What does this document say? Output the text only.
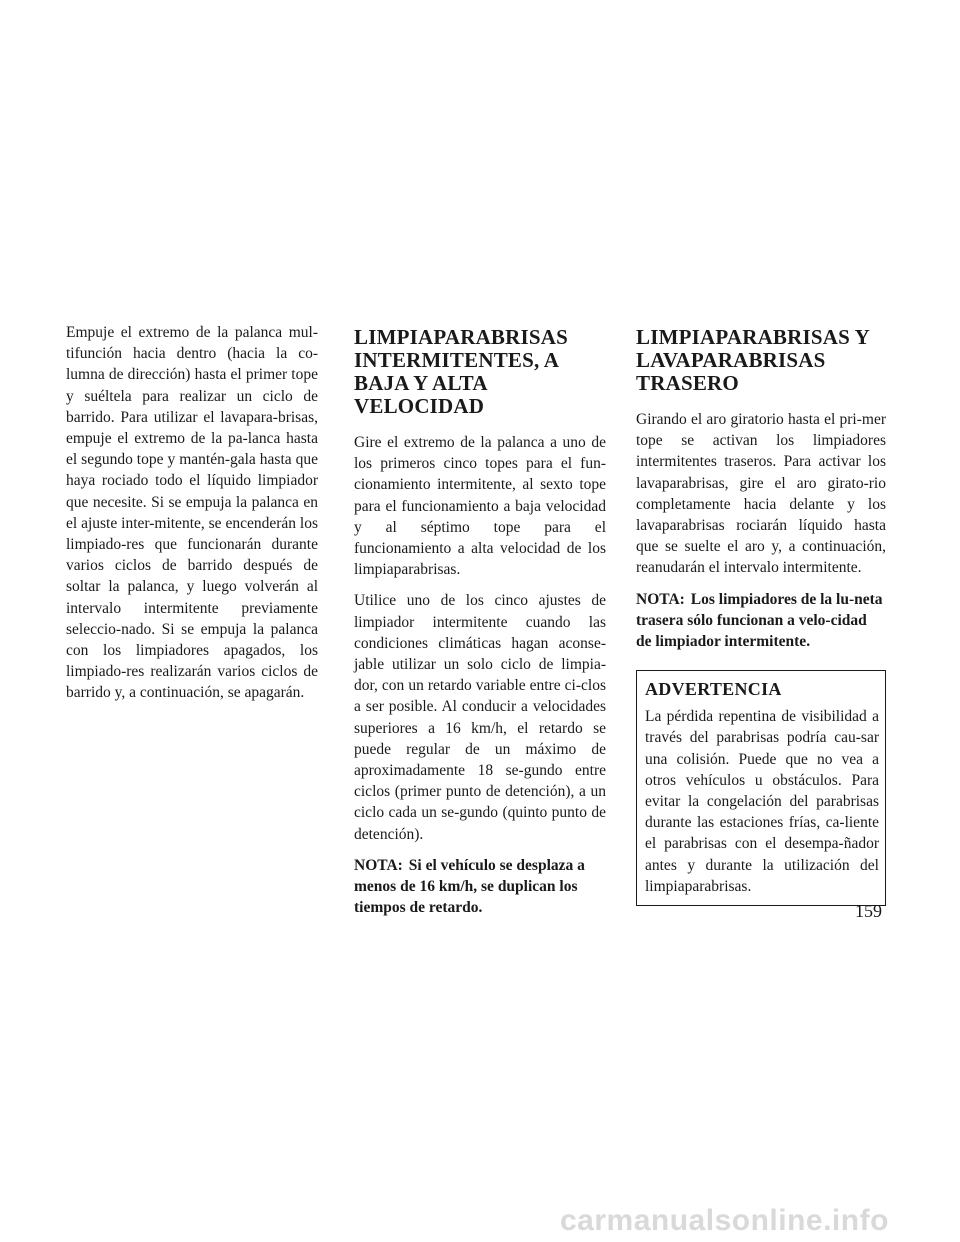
Empuje el extremo de la palanca mul-tifunción hacia dentro (hacia la co-lumna de dirección) hasta el primer tope y suéltela para realizar un ciclo de barrido. Para utilizar el lavapara-brisas, empuje el extremo de la pa-lanca hasta el segundo tope y mantén-gala hasta que haya rociado todo el líquido limpiador que necesite. Si se empuja la palanca en el ajuste inter-mitente, se encenderán los limpiado-res que funcionarán durante varios ciclos de barrido después de soltar la palanca, y luego volverán al intervalo intermitente previamente seleccio-nado. Si se empuja la palanca con los limpiadores apagados, los limpiado-res realizarán varios ciclos de barrido y, a continuación, se apagarán.

LIMPIAPARABRISAS INTERMITENTES, A BAJA Y ALTA VELOCIDAD

Gire el extremo de la palanca a uno de los primeros cinco topes para el fun-cionamiento intermitente, al sexto tope para el funcionamiento a baja velocidad y al séptimo tope para el funcionamiento a alta velocidad de los limpiaparabrisas.

Utilice uno de los cinco ajustes de limpiador intermitente cuando las condiciones climáticas hagan aconse-jable utilizar un solo ciclo de limpia-dor, con un retardo variable entre ci-clos a ser posible. Al conducir a velocidades superiores a 16 km/h, el retardo se puede regular de un máximo de aproximadamente 18 se-gundo entre ciclos (primer punto de detención), a un ciclo cada un se-gundo (quinto punto de detención).

NOTA: Si el vehículo se desplaza a menos de 16 km/h, se duplican los tiempos de retardo.

LIMPIAPARABRISAS Y LAVAPARABRISAS TRASERO

Girando el aro giratorio hasta el pri-mer tope se activan los limpiadores intermitentes traseros. Para activar los lavaparabrisas, gire el aro girato-rio completamente hacia delante y los lavaparabrisas rociarán líquido hasta que se suelte el aro y, a continuación, reanudarán el intervalo intermitente.

NOTA: Los limpiadores de la lu-neta trasera sólo funcionan a velo-cidad de limpiador intermitente.

ADVERTENCIA

La pérdida repentina de visibilidad a través del parabrisas podría cau-sar una colisión. Puede que no vea a otros vehículos u obstáculos. Para evitar la congelación del parabrisas durante las estaciones frías, ca-liente el parabrisas con el desempa-ñador antes y durante la utilización del limpiaparabrisas.

159
carmanualsonline.info
